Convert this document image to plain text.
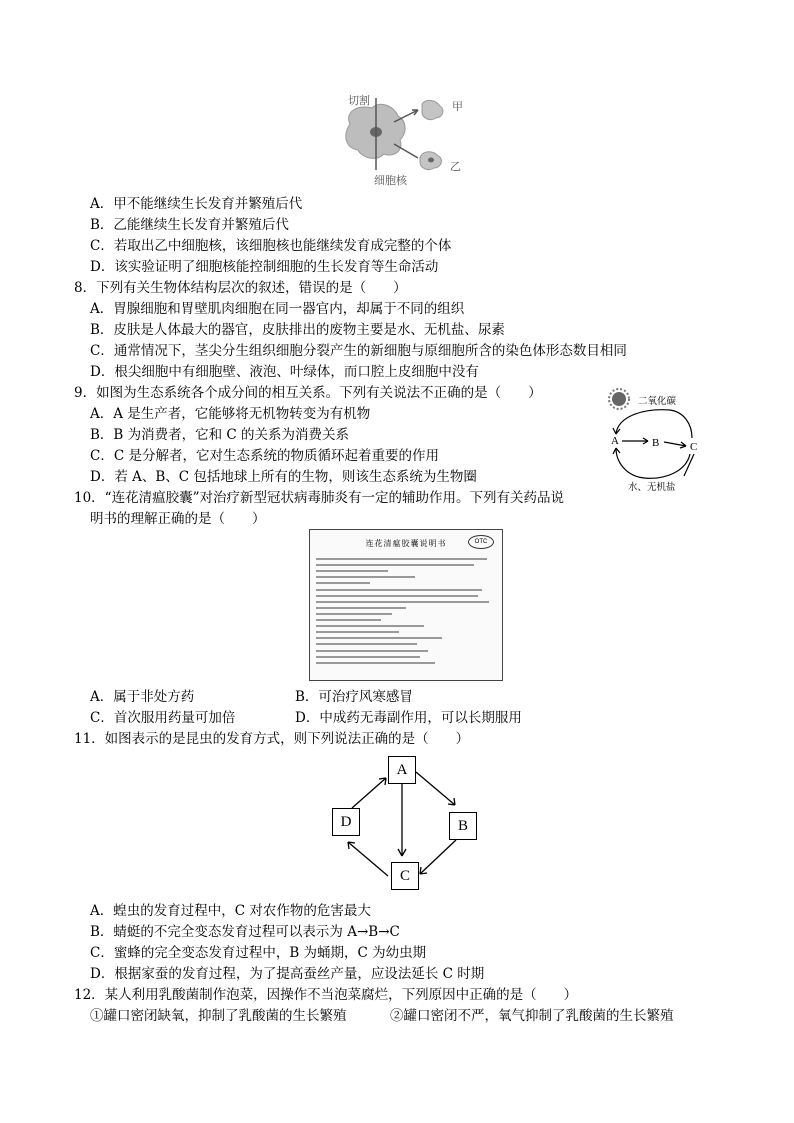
切割	甲
乙
细胞核
A．甲不能继续生长发育并繁殖后代
B．乙能继续生长发育并繁殖后代
C．若取出乙中细胞核，该细胞核也能继续发育成完整的个体
D．该实验证明了细胞核能控制细胞的生长发育等生命活动
8．下列有关生物体结构层次的叙述，错误的是（　　）
A．胃腺细胞和胃壁肌肉细胞在同一器官内，却属于不同的组织
B．皮肤是人体最大的器官，皮肤排出的废物主要是水、无机盐、尿素
C．通常情况下，茎尖分生组织细胞分裂产生的新细胞与原细胞所含的染色体形态数目相同
D．根尖细胞中有细胞壁、液泡、叶绿体，而口腔上皮细胞中没有
9．如图为生态系统各个成分间的相互关系。下列有关说法不正确的是（　　）
A．A 是生产者，它能够将无机物转变为有机物
B．B 为消费者，它和 C 的关系为消费关系
C．C 是分解者，它对生态系统的物质循环起着重要的作用
D．若 A、B、C 包括地球上所有的生物，则该生态系统为生物圈
二氧化碳
A	B	C
水、无机盐
10．“连花清瘟胶囊”对治疗新型冠状病毒肺炎有一定的辅助作用。下列有关药品说
明书的理解正确的是（　　）
连花清瘟胶囊说明书	OTC
A．属于非处方药	B．可治疗风寒感冒
C．首次服用药量可加倍	D．中成药无毒副作用，可以长期服用
11．如图表示的是昆虫的发育方式，则下列说法正确的是（　　）
A
B
C
D
A．蝗虫的发育过程中，C 对农作物的危害最大
B．蜻蜓的不完全变态发育过程可以表示为 A→B→C
C．蜜蜂的完全变态发育过程中，B 为蛹期，C 为幼虫期
D．根据家蚕的发育过程，为了提高蚕丝产量，应设法延长 C 时期
12．某人利用乳酸菌制作泡菜，因操作不当泡菜腐烂，下列原因中正确的是（　　）
①罐口密闭缺氧，抑制了乳酸菌的生长繁殖	②罐口密闭不严，氧气抑制了乳酸菌的生长繁殖
